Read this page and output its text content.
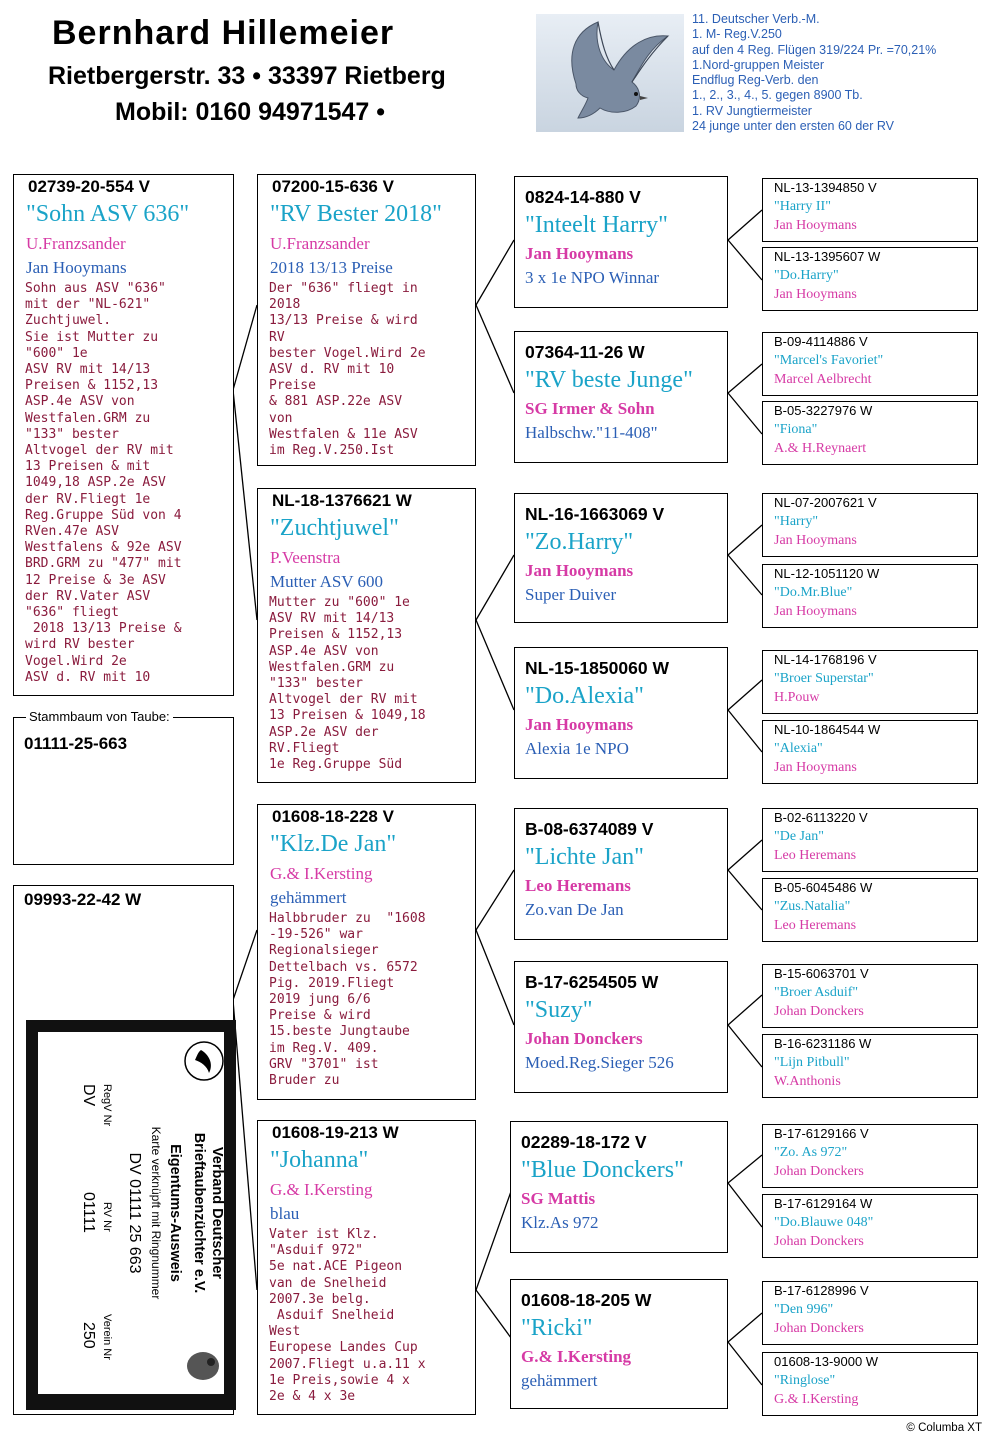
Bernhard Hillemeier
Rietbergerstr. 33 • 33397 Rietberg
Mobil: 0160 94971547 •
11. Deutscher Verb.-M.
1. M- Reg.V.250
auf den 4 Reg. Flügen 319/224 Pr. =70,21%
1.Nord-gruppen Meister
Endflug Reg-Verb. den
1., 2., 3., 4., 5. gegen 8900 Tb.
1. RV Jungtiermeister
24 junge unter den ersten 60 der RV
02739-20-554 V
"Sohn ASV 636"
U.Franzsander
Jan Hooymans
Sohn aus ASV "636"
mit der "NL-621"
Zuchtjuwel.
Sie ist Mutter zu
"600" 1e
ASV RV mit 14/13
Preisen & 1152,13
ASP.4e ASV von
Westfalen.GRM zu
"133" bester
Altvogel der RV mit
13 Preisen & mit
1049,18 ASP.2e ASV
der RV.Fliegt 1e
Reg.Gruppe Süd von 4
RVen.47e ASV
Westfalens & 92e ASV
BRD.GRM zu "477" mit
12 Preise & 3e ASV
der RV.Vater ASV
"636" fliegt
2018 13/13 Preise &
wird RV bester
Vogel.Wird 2e
ASV d. RV mit 10
01111-25-663
Stammbaum von Taube:
09993-22-42 W
07200-15-636 V
"RV Bester 2018"
U.Franzsander
2018 13/13 Preise
Der "636" fliegt in
2018
13/13 Preise & wird
RV
bester Vogel.Wird 2e
ASV d. RV mit 10
Preise
& 881 ASP.22e ASV
von
Westfalen & 11e ASV
im Reg.V.250.Ist
NL-18-1376621 W
"Zuchtjuwel"
P.Veenstra
Mutter ASV 600
Mutter zu "600" 1e
ASV RV mit 14/13
Preisen & 1152,13
ASP.4e ASV von
Westfalen.GRM zu
"133" bester
Altvogel der RV mit
13 Preisen & 1049,18
ASP.2e ASV der
RV.Fliegt
1e Reg.Gruppe Süd
01608-18-228 V
"Klz.De Jan"
G.& I.Kersting
gehämmert
Halbbruder zu  "1608
-19-526" war
Regionalsieger
Dettelbach vs. 6572
Pig. 2019.Fliegt
2019 jung 6/6
Preise & wird
15.beste Jungtaube
im Reg.V. 409.
GRV "3701" ist
Bruder zu
01608-19-213 W
"Johanna"
G.& I.Kersting
blau
Vater ist Klz.
"Asduif 972"
5e nat.ACE Pigeon
van de Snelheid
2007.3e belg.
Asduif Snelheid
West
Europese Landes Cup
2007.Fliegt u.a.11 x
1e Preis,sowie 4 x
2e & 4 x 3e
0824-14-880 V
"Inteelt Harry"
Jan Hooymans
3 x 1e NPO Winnar
07364-11-26 W
"RV beste Junge"
SG Irmer & Sohn
Halbschw."11-408"
NL-16-1663069 V
"Zo.Harry"
Jan Hooymans
Super Duiver
NL-15-1850060 W
"Do.Alexia"
Jan Hooymans
Alexia 1e NPO
B-08-6374089 V
"Lichte Jan"
Leo Heremans
Zo.van De Jan
B-17-6254505 W
"Suzy"
Johan Donckers
Moed.Reg.Sieger 526
02289-18-172 V
"Blue Donckers"
SG Mattis
Klz.As 972
01608-18-205 W
"Ricki"
G.& I.Kersting
gehämmert
NL-13-1394850 V
"Harry II"
Jan Hooymans
NL-13-1395607 W
"Do.Harry"
Jan Hooymans
B-09-4114886 V
"Marcel's Favoriet"
Marcel Aelbrecht
B-05-3227976 W
"Fiona"
A.& H.Reynaert
NL-07-2007621 V
"Harry"
Jan Hooymans
NL-12-1051120 W
"Do.Mr.Blue"
Jan Hooymans
NL-14-1768196 V
"Broer Superstar"
H.Pouw
NL-10-1864544 W
"Alexia"
Jan Hooymans
B-02-6113220 V
"De Jan"
Leo Heremans
B-05-6045486 W
"Zus.Natalia"
Leo Heremans
B-15-6063701 V
"Broer Asduif"
Johan Donckers
B-16-6231186 W
"Lijn Pitbull"
W.Anthonis
B-17-6129166 V
"Zo. As 972"
Johan Donckers
B-17-6129164 W
"Do.Blauwe 048"
Johan Donckers
B-17-6128996 V
"Den 996"
Johan Donckers
01608-13-9000 W
"Ringlose"
G.& I.Kersting
Verband Deutscher
Brieftaubenzüchter e.V.
Eigentums-Ausweis
Karte verknüpft mit Ringnummer
DV 01111 25 663
RegV Nr
DV
RV Nr
01111
Verein Nr
250
© Columba XT
